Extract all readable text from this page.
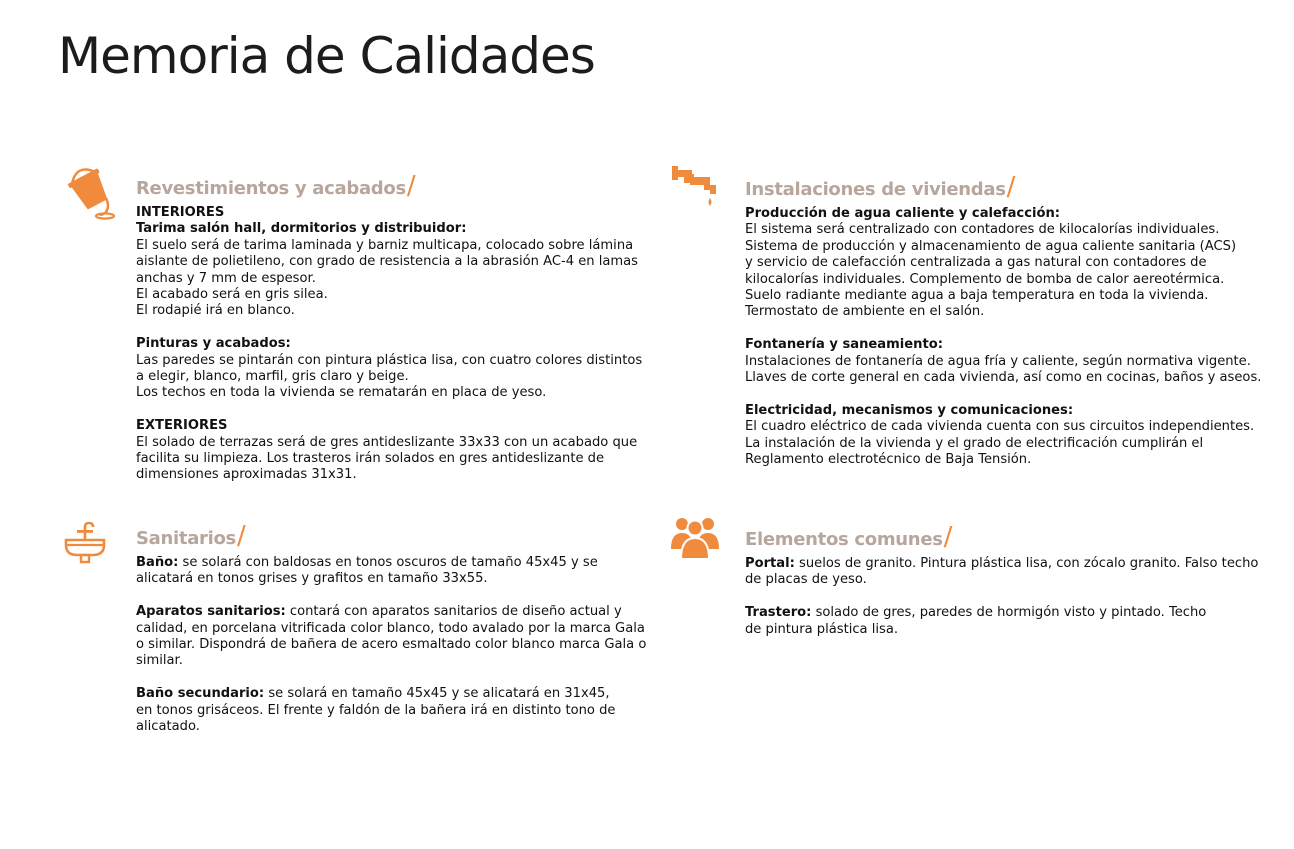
Memoria de Calidades
Revestimientos y acabados/
INTERIORES
Tarima salón hall, dormitorios y distribuidor:
El suelo será de tarima laminada y barniz multicapa, colocado sobre lámina
aislante de polietileno, con grado de resistencia a la abrasión AC-4 en lamas
anchas y 7 mm de espesor.
El acabado será en gris silea.
El rodapié irá en blanco.
Pinturas y acabados:
Las paredes se pintarán con pintura plástica lisa, con cuatro colores distintos
a elegir, blanco, marfil, gris claro y beige.
Los techos en toda la vivienda se rematarán en placa de yeso.
EXTERIORES
El solado de terrazas será de gres antideslizante 33x33 con un acabado que
facilita su limpieza. Los trasteros irán solados en gres antideslizante de
dimensiones aproximadas 31x31.
Instalaciones de viviendas/
Producción de agua caliente y calefacción:
El sistema será centralizado con contadores de kilocalorías individuales.
Sistema de producción y almacenamiento de agua caliente sanitaria (ACS)
y servicio de calefacción centralizada a gas natural con contadores de
kilocalorías individuales. Complemento de bomba de calor aereotérmica.
Suelo radiante mediante agua a baja temperatura en toda la vivienda.
Termostato de ambiente en el salón.
Fontanería y saneamiento:
Instalaciones de fontanería de agua fría y caliente, según normativa vigente.
Llaves de corte general en cada vivienda, así como en cocinas, baños y aseos.
Electricidad, mecanismos y comunicaciones:
El cuadro eléctrico de cada vivienda cuenta con sus circuitos independientes.
La instalación de la vivienda y el grado de electrificación cumplirán el
Reglamento electrotécnico de Baja Tensión.
Sanitarios/
Baño: se solará con baldosas en tonos oscuros de tamaño 45x45 y se
alicatará en tonos grises y grafitos en tamaño 33x55.
Aparatos sanitarios: contará con aparatos sanitarios de diseño actual y
calidad, en porcelana vitrificada color blanco, todo avalado por la marca Gala
o similar. Dispondrá de bañera de acero esmaltado color blanco marca Gala o
similar.
Baño secundario: se solará en tamaño 45x45 y se alicatará en 31x45,
en tonos grisáceos. El frente y faldón de la bañera irá en distinto tono de
alicatado.
Elementos comunes/
Portal: suelos de granito. Pintura plástica lisa, con zócalo granito. Falso techo
de placas de yeso.
Trastero: solado de gres, paredes de hormigón visto y pintado. Techo
de pintura plástica lisa.
